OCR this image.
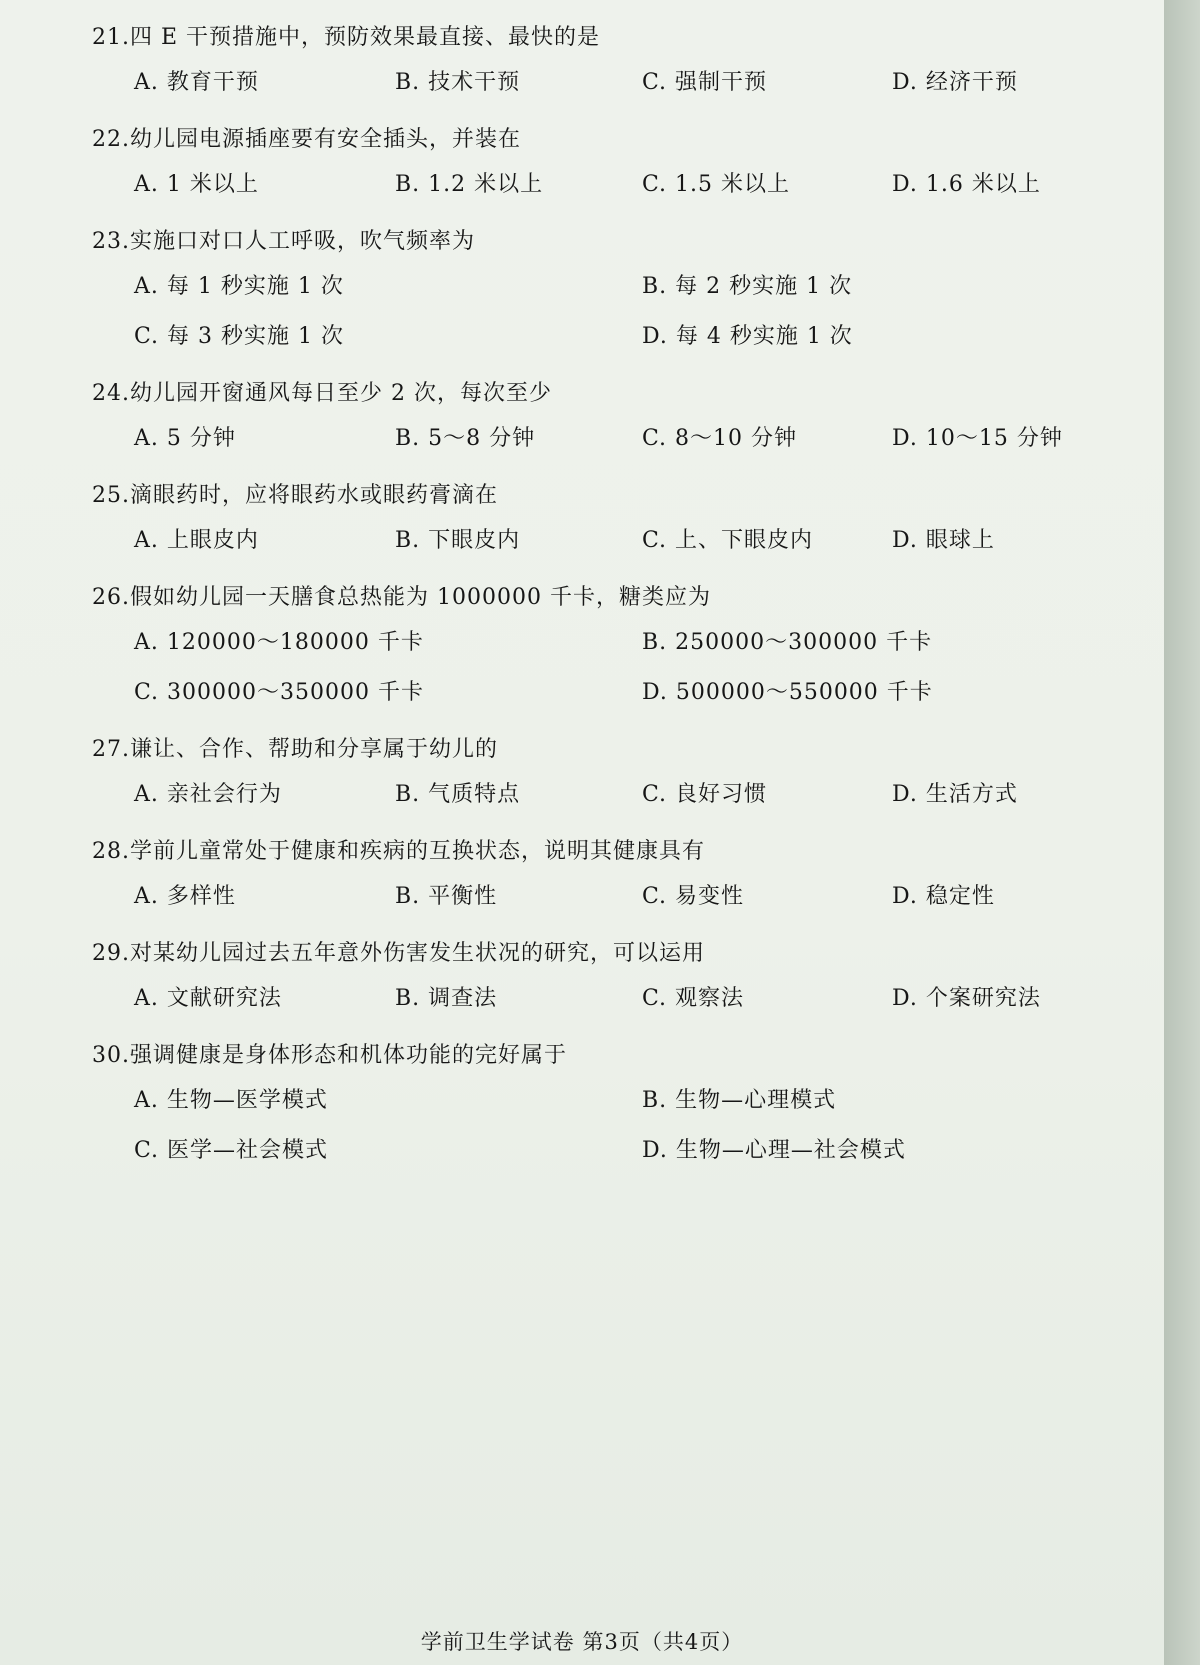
21.四 E 干预措施中，预防效果最直接、最快的是
A. 教育干预	B. 技术干预	C. 强制干预	D. 经济干预
22.幼儿园电源插座要有安全插头，并装在
A. 1 米以上	B. 1.2 米以上	C. 1.5 米以上	D. 1.6 米以上
23.实施口对口人工呼吸，吹气频率为
A. 每 1 秒实施 1 次	B. 每 2 秒实施 1 次
C. 每 3 秒实施 1 次	D. 每 4 秒实施 1 次
24.幼儿园开窗通风每日至少 2 次，每次至少
A. 5 分钟	B. 5～8 分钟	C. 8～10 分钟	D. 10～15 分钟
25.滴眼药时，应将眼药水或眼药膏滴在
A. 上眼皮内	B. 下眼皮内	C. 上、下眼皮内	D. 眼球上
26.假如幼儿园一天膳食总热能为 1000000 千卡，糖类应为
A. 120000～180000 千卡	B. 250000～300000 千卡
C. 300000～350000 千卡	D. 500000～550000 千卡
27.谦让、合作、帮助和分享属于幼儿的
A. 亲社会行为	B. 气质特点	C. 良好习惯	D. 生活方式
28.学前儿童常处于健康和疾病的互换状态，说明其健康具有
A. 多样性	B. 平衡性	C. 易变性	D. 稳定性
29.对某幼儿园过去五年意外伤害发生状况的研究，可以运用
A. 文献研究法	B. 调查法	C. 观察法	D. 个案研究法
30.强调健康是身体形态和机体功能的完好属于
A. 生物—医学模式	B. 生物—心理模式
C. 医学—社会模式	D. 生物—心理—社会模式
学前卫生学试卷 第3页（共4页）
